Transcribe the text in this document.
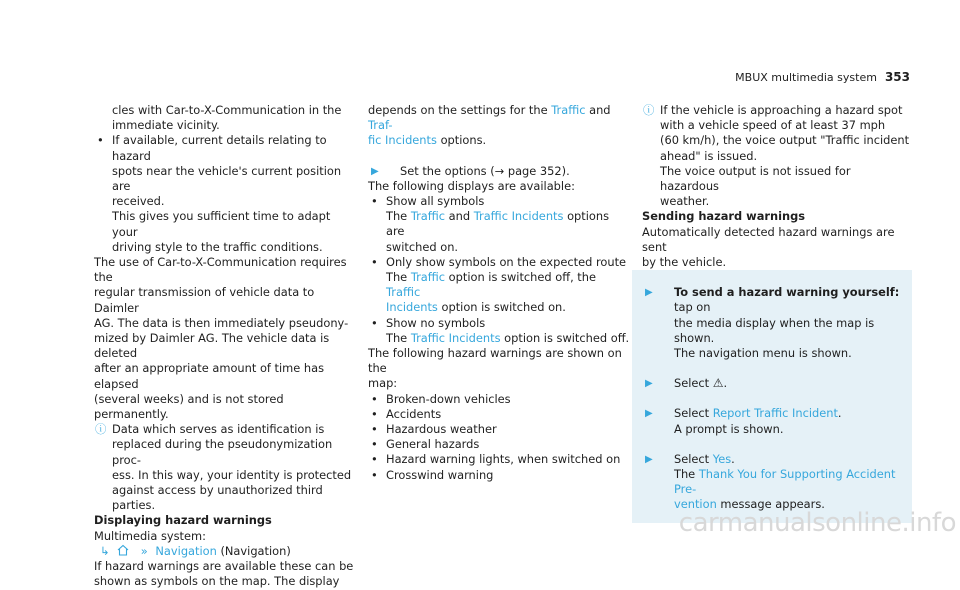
MBUX multimedia system 353

cles with Car-to-X-Communication in the

immediate vicinity.

• If available, current details relating to hazard

spots near the vehicle's current position are

received.

This gives you sufficient time to adapt your

driving style to the traffic conditions.

The use of Car-to-X-Communication requires the

regular transmission of vehicle data to Daimler

AG. The data is then immediately pseudony-

mized by Daimler AG. The vehicle data is deleted

after an appropriate amount of time has elapsed

(several weeks) and is not stored permanently.

ⓘ Data which serves as identification is

replaced during the pseudonymization proc-

ess. In this way, your identity is protected

against access by unauthorized third parties.

Displaying hazard warnings

Multimedia system:

↳	» Navigation (Navigation)

If hazard warnings are available these can be

shown as symbols on the map. The display

depends on the settings for the Traffic and Traf-

fic Incidents options.

▶ Set the options (→ page 352).

The following displays are available:

• Show all symbols

The Traffic and Traffic Incidents options are

switched on.

• Only show symbols on the expected route

The Traffic option is switched off, the Traffic

Incidents option is switched on.

• Show no symbols

The Traffic Incidents option is switched off.

The following hazard warnings are shown on the

map:

• Broken-down vehicles

• Accidents

• Hazardous weather

• General hazards

• Hazard warning lights, when switched on

• Crosswind warning

ⓘ If the vehicle is approaching a hazard spot

with a vehicle speed of at least 37 mph

(60 km/h), the voice output "Traffic incident

ahead" is issued.

The voice output is not issued for hazardous

weather.

Sending hazard warnings

Automatically detected hazard warnings are sent

by the vehicle.

▶ To send a hazard warning yourself: tap on

the media display when the map is shown.

The navigation menu is shown.

▶ Select ⚠.

▶ Select Report Traffic Incident.

A prompt is shown.

▶ Select Yes.

The Thank You for Supporting Accident Pre-

vention message appears.

carmanualsonline.info
